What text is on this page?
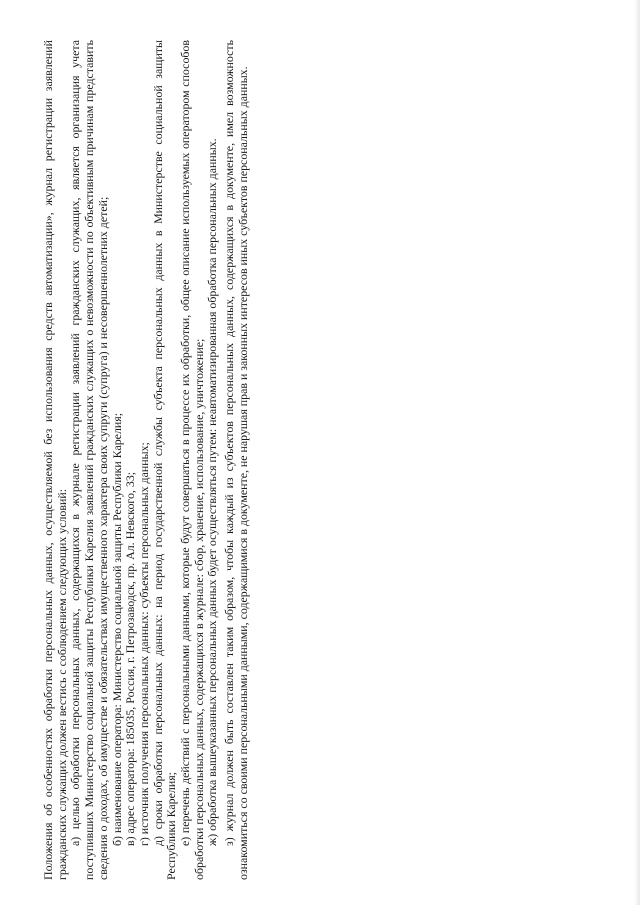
Положения об особенностях обработки персональных данных, осуществляемой без использования средств автоматизации», журнал регистрации заявлений гражданских служащих должен вестись с соблюдением следующих условий: а) целью обработки персональных данных, содержащихся в журнале регистрации заявлений гражданских служащих, является организация учета поступивших Министерство социальной защиты Республики Карелия заявлений гражданских служащих о невозможности по объективным причинам представить сведения о доходах, об имуществе и обязательствах имущественного характера своих супруги (супруга) и несовершеннолетних детей; б) наименование оператора: Министерство социальной защиты Республики Карелия; в) адрес оператора: 185035, Россия, г. Петрозаводск, пр. Ал. Невского, 33; г) источник получения персональных данных: субъекты персональных данных; д) сроки обработки персональных данных: на период государственной службы субъекта персональных данных в Министерстве социальной защиты Республики Карелия; е) перечень действий с персональными данными, которые будут совершаться в процессе их обработки, общее описание используемых оператором способов обработки персональных данных, содержащихся в журнале: сбор, хранение, использование, уничтожение; ж) обработка вышеуказанных персональных данных будет осуществляться путем: неавтоматизированная обработка персональных данных. з) журнал должен быть составлен таким образом, чтобы каждый из субъектов персональных данных, содержащихся в документе, имел возможность ознакомиться со своими персональными данными, содержащимися в документе, не нарушая прав и законных интересов иных субъектов персональных данных.
